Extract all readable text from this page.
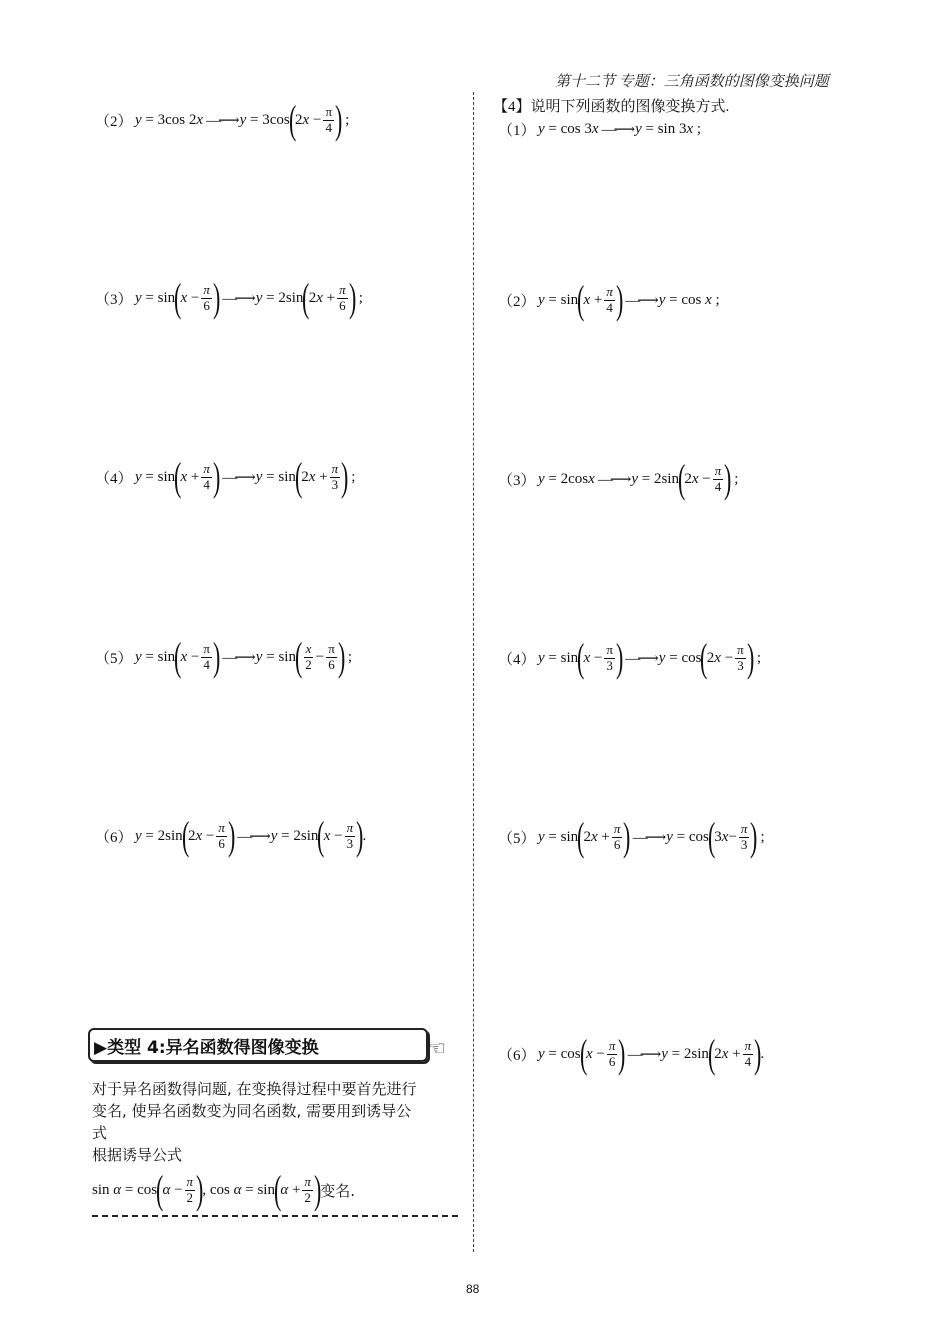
第十二节 专题：三角函数的图像变换问题
（2） y = 3 cos 2 x —⟶ y = 3 cos
(
2 $x - \frac{\pi}{4}$ )
;
（3） y = sin
(
$x - \frac{\pi}{6}$ ) —⟶ y = 2 sin
(
2 $x + \frac{\pi}{6}$ )
;
（4） y = sin
(
$x + \frac{\pi}{4}$ ) —⟶ y = sin
(
2 $x + \frac{\pi}{3}$ )
;
（5） y = sin
(
$x - \frac{\pi}{4}$ ) —⟶ y = sin
( $\frac{x}{2} - \frac{\pi}{6}$ )
;
（6） y = 2 sin
(
2 $x - \frac{\pi}{6}$ ) —⟶ y = 2 sin
(
$x - \frac{\pi}{3}$ )
.
【4】说明下列函数的图像变换方式.
（1） y = cos 3 x —⟶ y = sin 3 x ;
（2） y = sin
(
$x + \frac{\pi}{4}$ ) —⟶ y = cos
x ;
（3） y = 2 cos x —⟶ y = 2 sin
(
2 $x - \frac{\pi}{4}$ )
;
（4） y = sin
(
$x - \frac{\pi}{3}$ ) —⟶ y = cos
(
2 $x - \frac{\pi}{3}$ )
;
（5） y = sin
(
2 $x + \frac{\pi}{6}$ ) —⟶ y = cos
(
3 $x - \frac{\pi}{3}$ )
;
（6） y = cos
(
$x - \frac{\pi}{6}$ ) —⟶ y = 2 sin
(
2 $x + \frac{\pi}{4}$ )
.
▶类型 4:异名函数得图像变换	☜
对于异名函数得问题, 在变换得过程中要首先进行
变名, 使异名函数变为同名函数, 需要用到诱导公
式
根据诱导公式
sin
α = cos
(
$\alpha - \frac{\pi}{2}$ )
, cos
α = sin
(
$\alpha + \frac{\pi}{2}$ )
变名.
88
